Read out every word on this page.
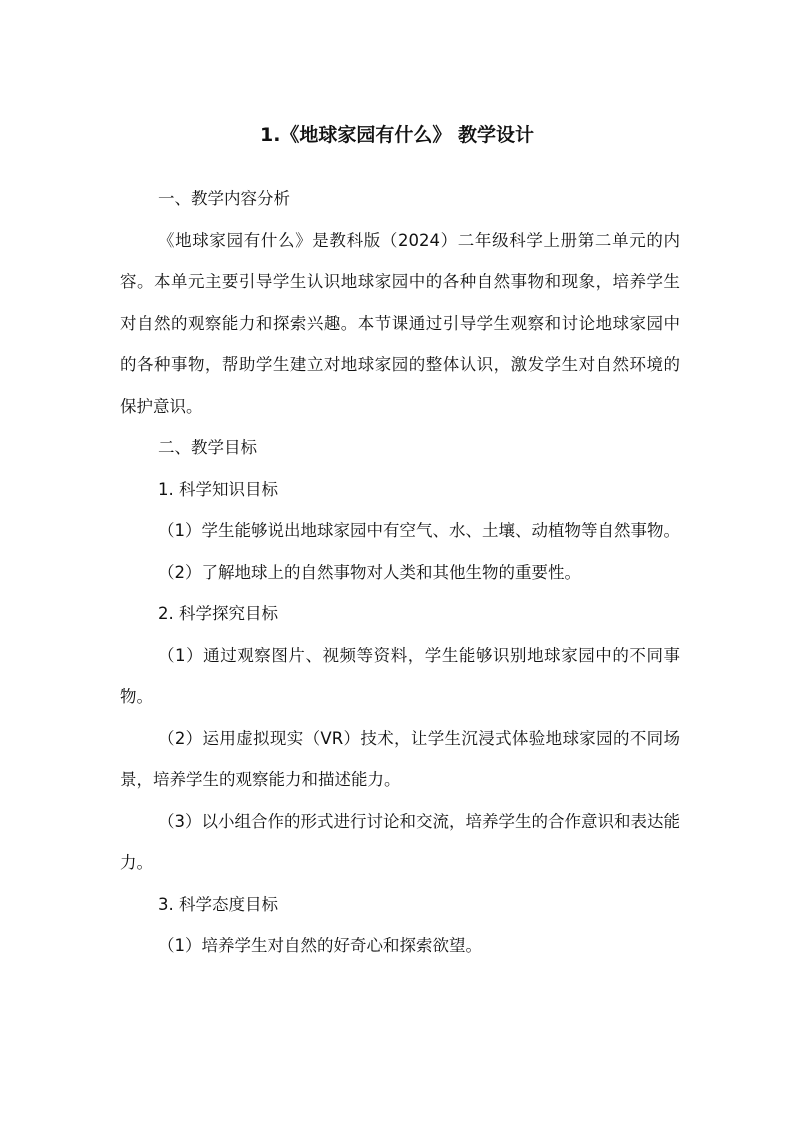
1.《地球家园有什么》 教学设计

一、教学内容分析

《地球家园有什么》是教科版（2024）二年级科学上册第二单元的内容。本单元主要引导学生认识地球家园中的各种自然事物和现象，培养学生对自然的观察能力和探索兴趣。本节课通过引导学生观察和讨论地球家园中的各种事物，帮助学生建立对地球家园的整体认识，激发学生对自然环境的保护意识。

二、教学目标

1. 科学知识目标

（1）学生能够说出地球家园中有空气、水、土壤、动植物等自然事物。

（2）了解地球上的自然事物对人类和其他生物的重要性。

2. 科学探究目标

（1）通过观察图片、视频等资料，学生能够识别地球家园中的不同事物。

（2）运用虚拟现实（VR）技术，让学生沉浸式体验地球家园的不同场景，培养学生的观察能力和描述能力。

（3）以小组合作的形式进行讨论和交流，培养学生的合作意识和表达能力。

3. 科学态度目标

（1）培养学生对自然的好奇心和探索欲望。
